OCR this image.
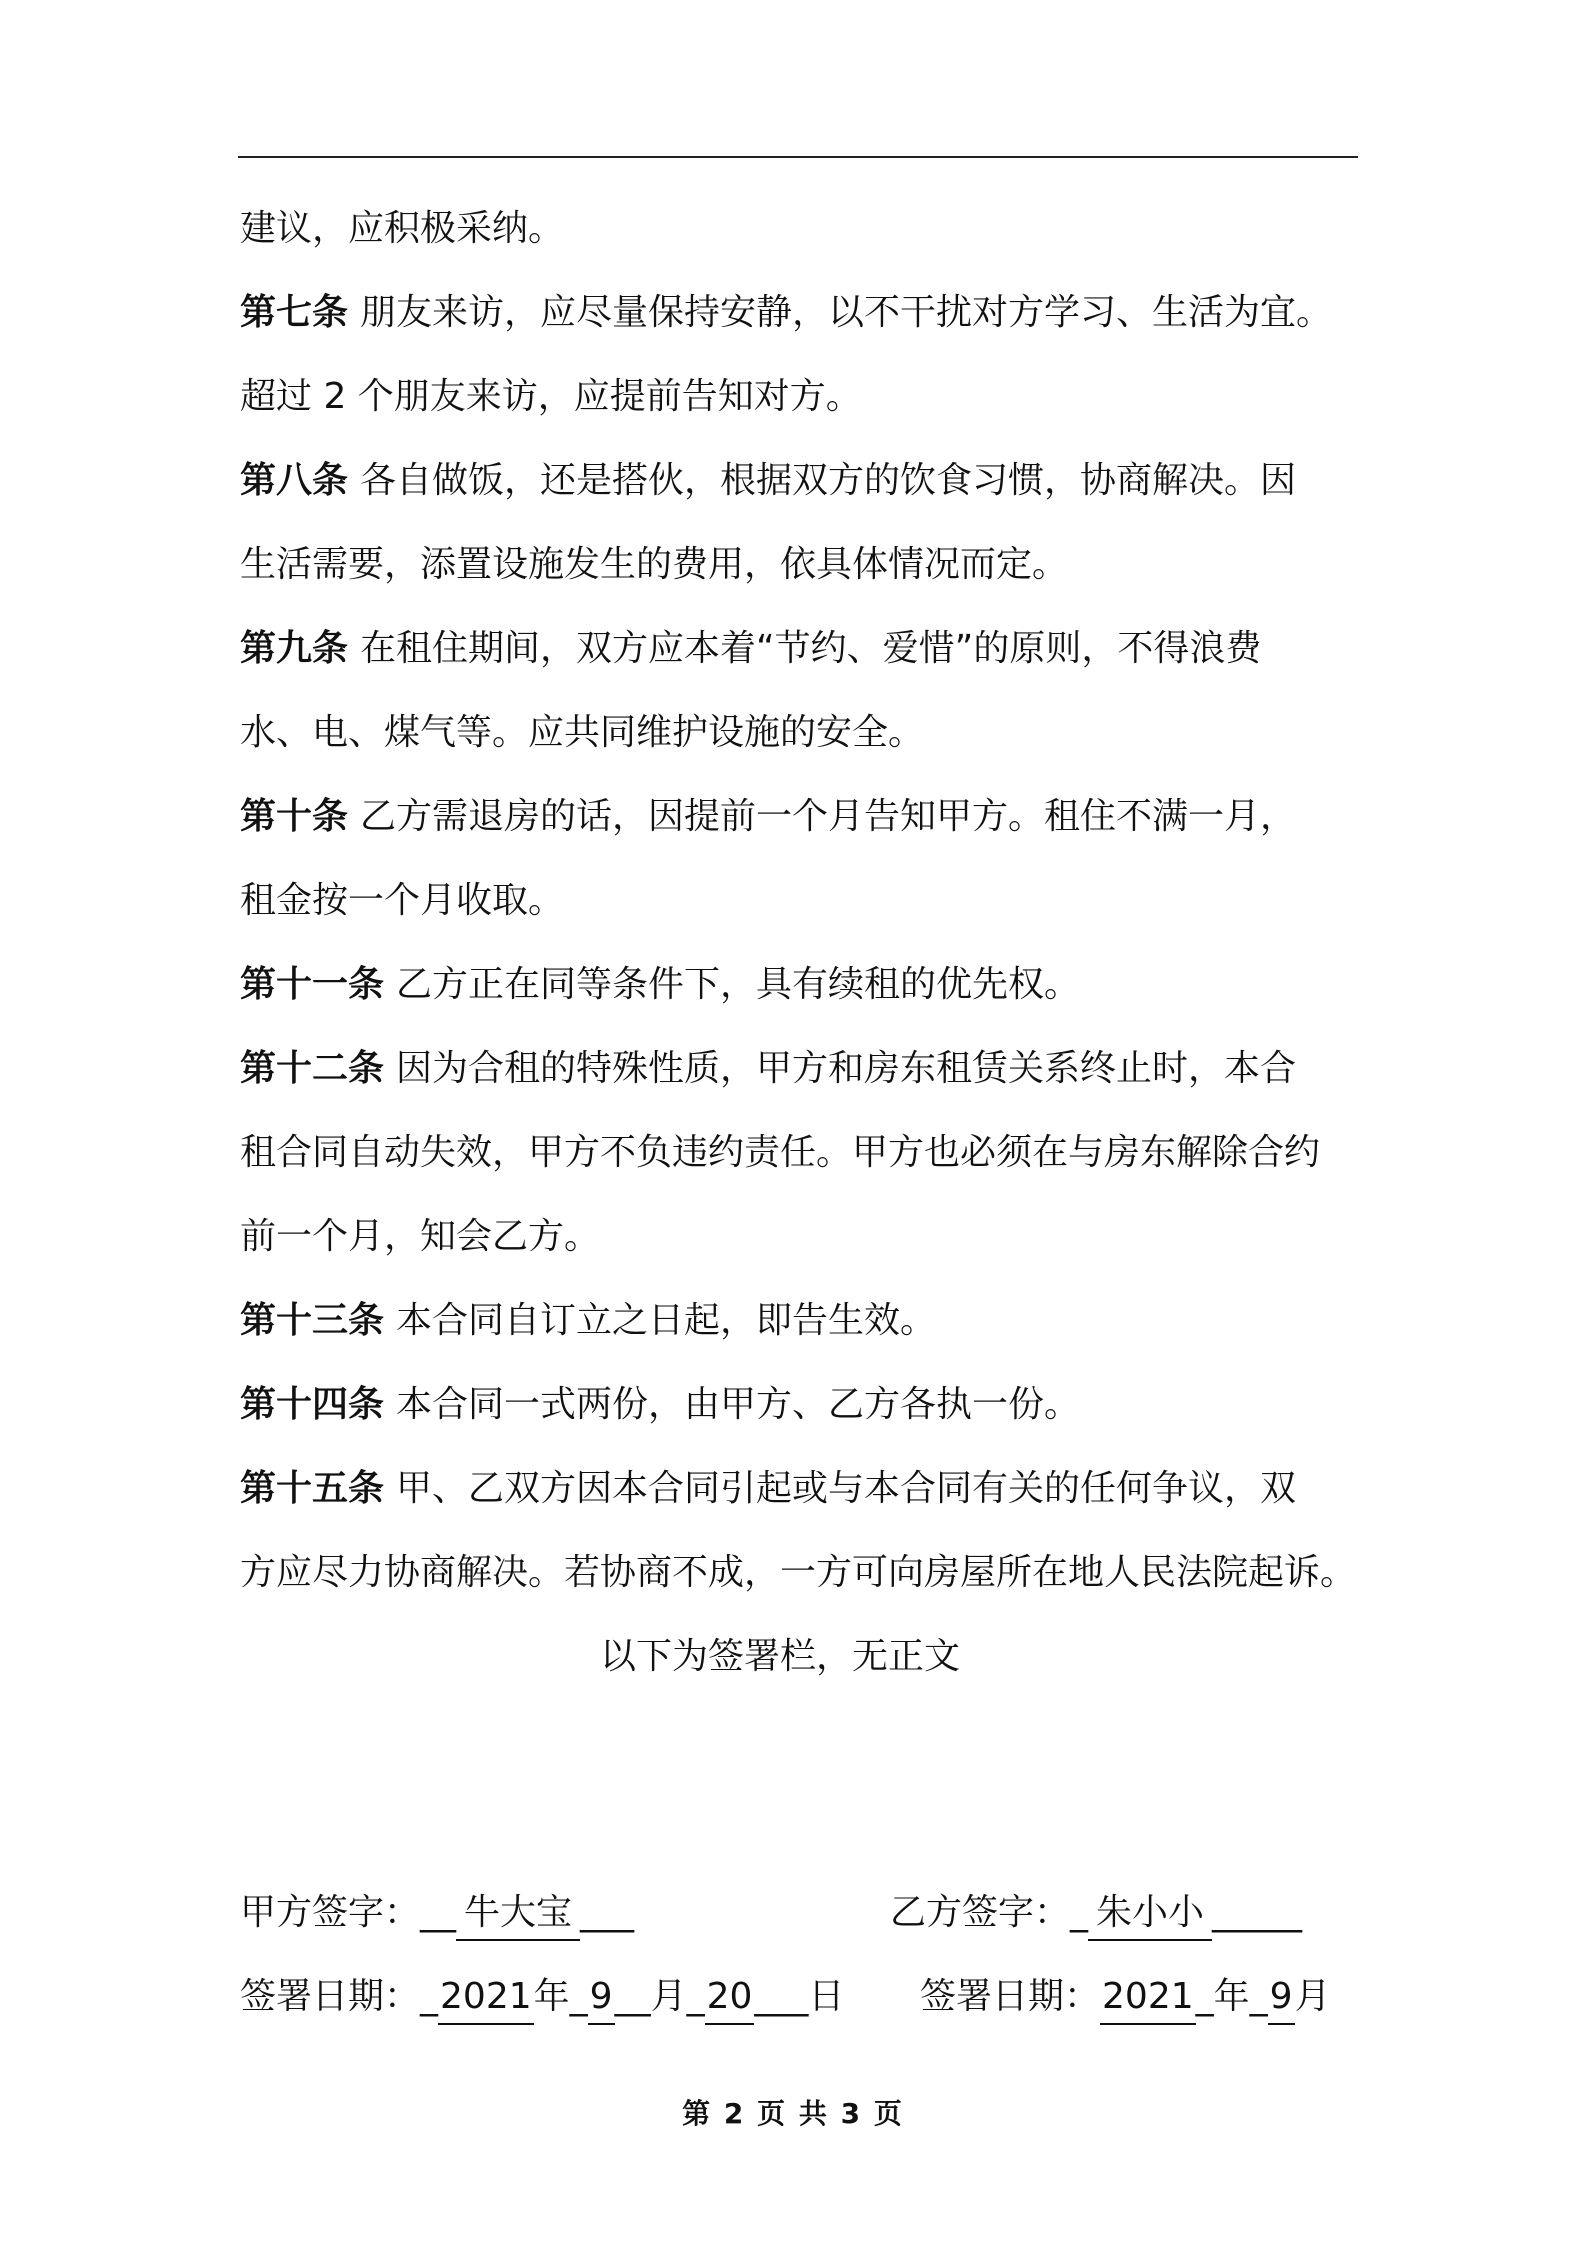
建议，应积极采纳。
第七条 朋友来访，应尽量保持安静，以不干扰对方学习、生活为宜。
超过 2 个朋友来访，应提前告知对方。
第八条 各自做饭，还是搭伙，根据双方的饮食习惯，协商解决。因
生活需要，添置设施发生的费用，依具体情况而定。
第九条 在租住期间，双方应本着“节约、爱惜”的原则，不得浪费
水、电、煤气等。应共同维护设施的安全。
第十条 乙方需退房的话，因提前一个月告知甲方。租住不满一月，
租金按一个月收取。
第十一条 乙方正在同等条件下，具有续租的优先权。
第十二条 因为合租的特殊性质，甲方和房东租赁关系终止时，本合
租合同自动失效，甲方不负违约责任。甲方也必须在与房东解除合约
前一个月，知会乙方。
第十三条 本合同自订立之日起，即告生效。
第十四条 本合同一式两份，由甲方、乙方各执一份。
第十五条 甲、乙双方因本合同引起或与本合同有关的任何争议，双
方应尽力协商解决。若协商不成，一方可向房屋所在地人民法院起诉。
以下为签署栏，无正文
甲方签字：__ 牛大宝 ___	乙方签字：_ 朱小小 _____
签署日期：_2021年_9__月_20___日 签署日期：2021_年_9月
第 2 页 共 3 页
